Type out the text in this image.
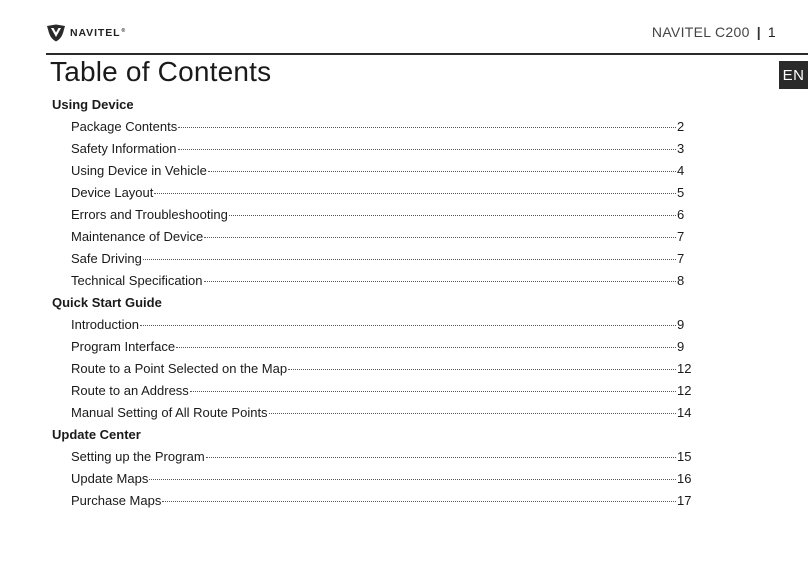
NAVITEL®	NAVITEL C200 | 1
EN
Table of Contents
Using Device
Package Contents	2
Safety Information	3
Using Device in Vehicle	4
Device Layout	5
Errors and Troubleshooting	6
Maintenance of Device	7
Safe Driving	7
Technical Specification	8
Quick Start Guide
Introduction	9
Program Interface	9
Route to a Point Selected on the Map	12
Route to an Address	12
Manual Setting of All Route Points	14
Update Center
Setting up the Program	15
Update Maps	16
Purchase Maps	17
